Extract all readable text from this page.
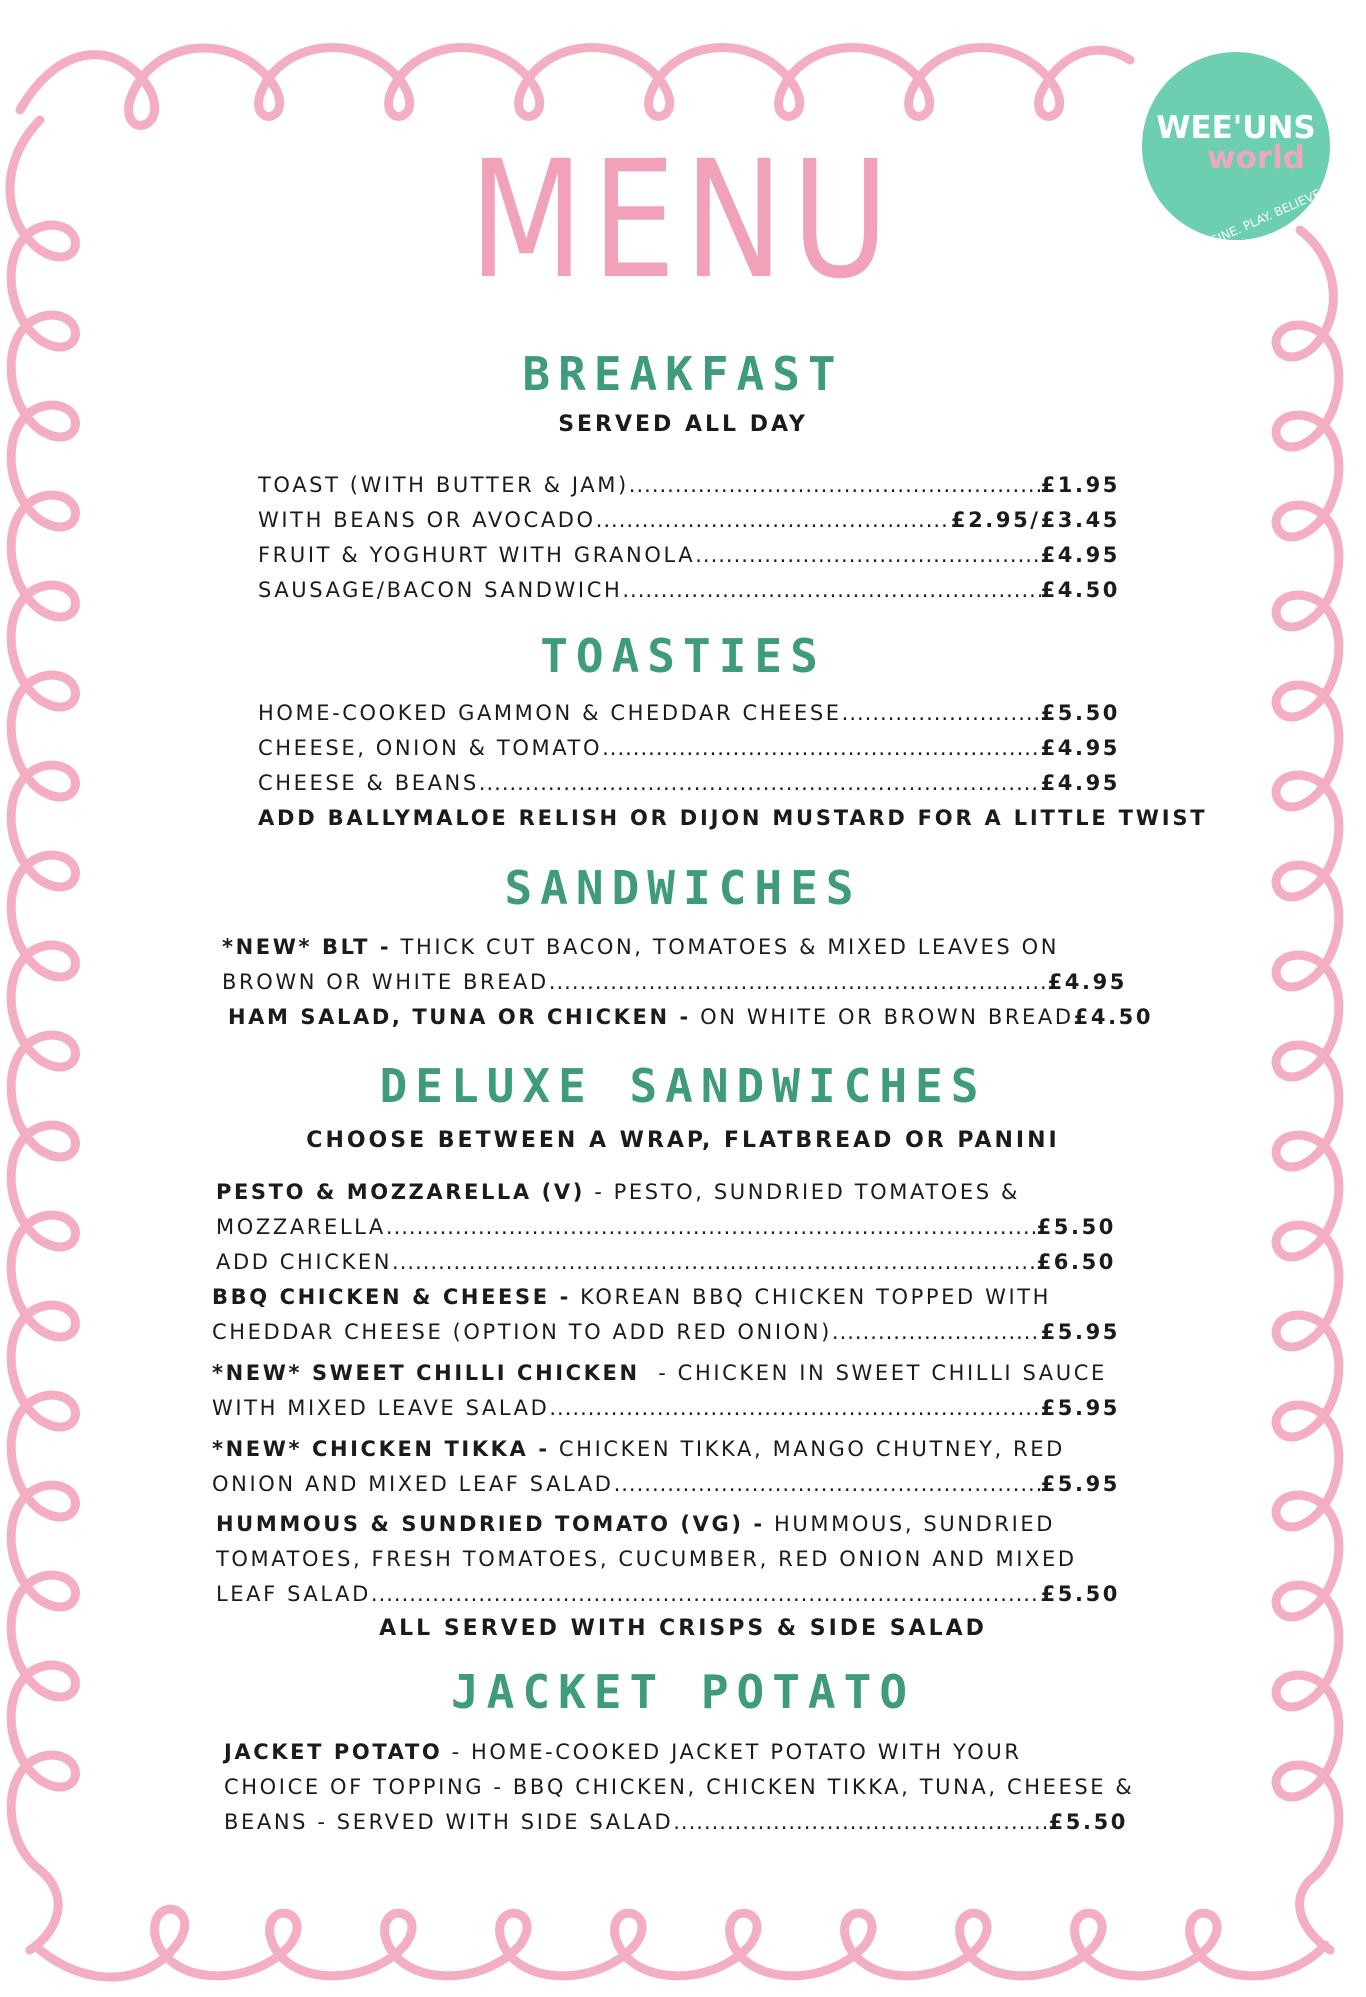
WEE'UNS
world
IMAGINE. PLAY. BELIEVE
MENU
BREAKFAST
SERVED ALL DAY
TOAST (WITH BUTTER & JAM) .....	£1.95
WITH BEANS OR AVOCADO .....	£2.95/£3.45
FRUIT & YOGHURT WITH GRANOLA .....	£4.95
SAUSAGE/BACON SANDWICH .....	£4.50
TOASTIES
HOME-COOKED GAMMON & CHEDDAR CHEESE .....	£5.50
CHEESE, ONION & TOMATO .....	£4.95
CHEESE & BEANS .....	£4.95
ADD BALLYMALOE RELISH OR DIJON MUSTARD FOR A LITTLE TWIST
SANDWICHES
*NEW* BLT - THICK CUT BACON, TOMATOES & MIXED LEAVES ON
BROWN OR WHITE BREAD .....	£4.95
HAM SALAD, TUNA OR CHICKEN -
ON WHITE OR BROWN BREAD £4.50
DELUXE SANDWICHES
CHOOSE BETWEEN A WRAP, FLATBREAD OR PANINI
PESTO & MOZZARELLA (V) - PESTO, SUNDRIED TOMATOES &
MOZZARELLA .....	£5.50
ADD CHICKEN .....	£6.50
BBQ CHICKEN & CHEESE - KOREAN BBQ CHICKEN TOPPED WITH
CHEDDAR CHEESE (OPTION TO ADD RED ONION) .....	£5.95
*NEW* SWEET CHILLI CHICKEN - CHICKEN IN SWEET CHILLI SAUCE
WITH MIXED LEAVE SALAD .....	£5.95
*NEW* CHICKEN TIKKA - CHICKEN TIKKA, MANGO CHUTNEY, RED
ONION AND MIXED LEAF SALAD .....	£5.95
HUMMOUS & SUNDRIED TOMATO (VG) - HUMMOUS, SUNDRIED
TOMATOES, FRESH TOMATOES, CUCUMBER, RED ONION AND MIXED
LEAF SALAD .....	£5.50
ALL SERVED WITH CRISPS & SIDE SALAD
JACKET POTATO
JACKET POTATO - HOME-COOKED JACKET POTATO WITH YOUR
CHOICE OF TOPPING - BBQ CHICKEN, CHICKEN TIKKA, TUNA, CHEESE &
BEANS - SERVED WITH SIDE SALAD .....	£5.50
